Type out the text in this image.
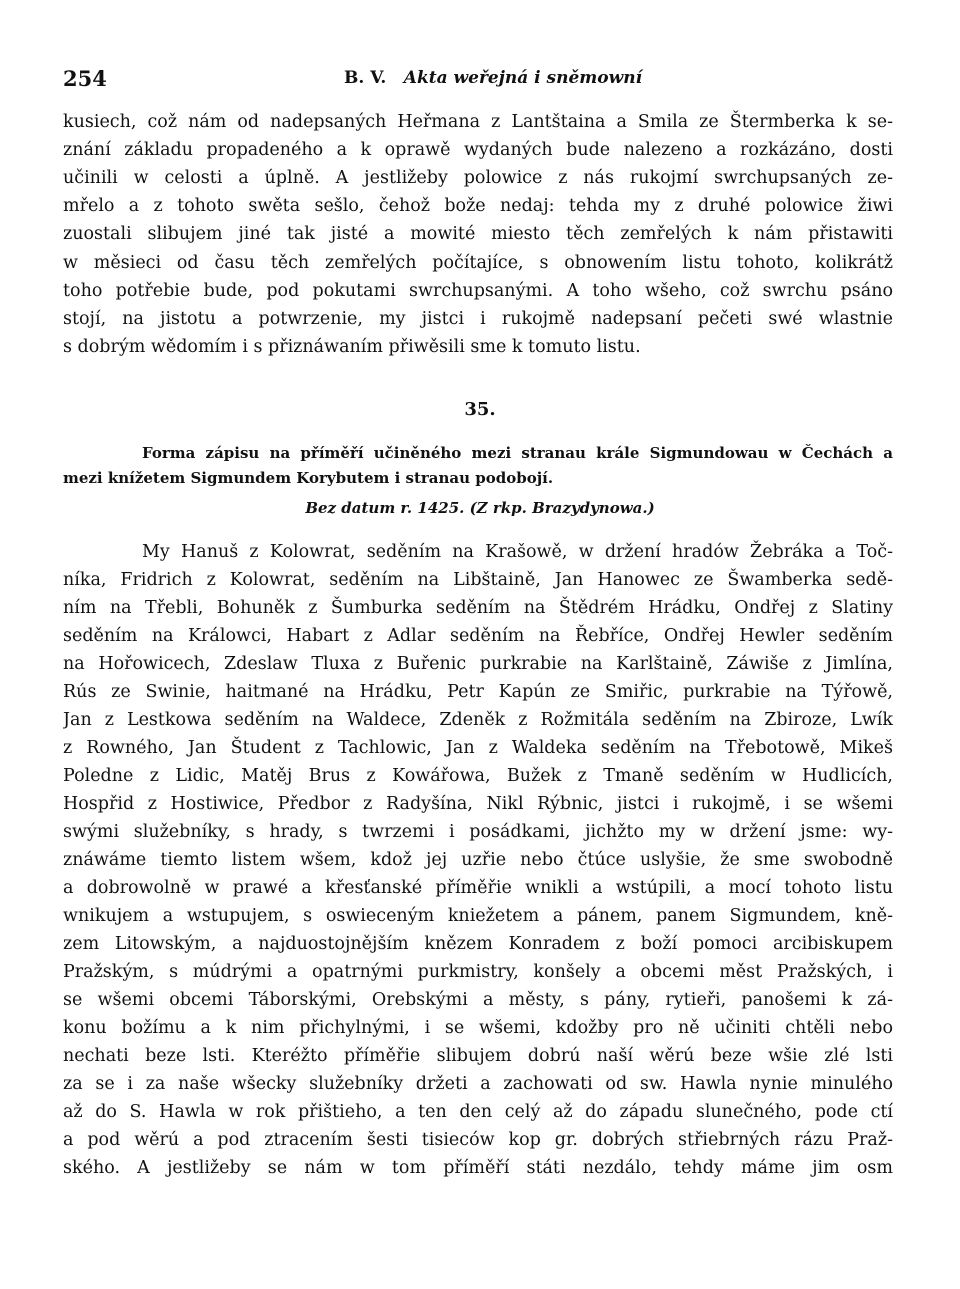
254	B. V. Akta weřejná i sněmowní
kusiech, což nám od nadepsaných Heřmana z Lantštaina a Smila ze Štermberka k se-
znání základu propadeného a k oprawě wydaných bude nalezeno a rozkázáno, dosti
učinili w celosti a úplně. A jestližeby polowice z nás rukojmí swrchupsaných ze-
mřelo a z tohoto swěta sešlo, čehož bože nedaj: tehda my z druhé polowice žiwi
zuostali slibujem jiné tak jisté a mowité miesto těch zemřelých k nám přistawiti
w měsieci od času těch zemřelých počítajíce, s obnowením listu tohoto, kolikrátž
toho potřebie bude, pod pokutami swrchupsanými. A toho wšeho, což swrchu psáno
stojí, na jistotu a potwrzenie, my jistci i rukojmě nadepsaní pečeti swé wlastnie
s dobrým wědomím i s přiznáwaním přiwěsili sme k tomuto listu.
35.
Forma zápisu na příměří učiněného mezi stranau krále Sigmundowau w Čechách a
mezi knížetem Sigmundem Korybutem i stranau podobojí.
Bez datum r. 1425. (Z rkp. Brazydynowa.)
My Hanuš z Kolowrat, seděním na Krašowě, w držení hradów Žebráka a Toč-
níka, Fridrich z Kolowrat, seděním na Libštaině, Jan Hanowec ze Šwamberka sedě-
ním na Třebli, Bohuněk z Šumburka seděním na Štědrém Hrádku, Ondřej z Slatiny
seděním na Králowci, Habart z Adlar seděním na Řebříce, Ondřej Hewler seděním
na Hořowicech, Zdeslaw Tluxa z Buřenic purkrabie na Karlštaině, Záwiše z Jimlína,
Rús ze Swinie, haitmané na Hrádku, Petr Kapún ze Smiřic, purkrabie na Týřowě,
Jan z Lestkowa seděním na Waldece, Zdeněk z Rožmitála seděním na Zbiroze, Lwík
z Rowného, Jan Študent z Tachlowic, Jan z Waldeka seděním na Třebotowě, Mikeš
Poledne z Lidic, Matěj Brus z Kowářowa, Bužek z Tmaně seděním w Hudlicích,
Hospřid z Hostiwice, Předbor z Radyšína, Nikl Rýbnic, jistci i rukojmě, i se wšemi
swými služebníky, s hrady, s twrzemi i posádkami, jichžto my w držení jsme: wy-
znáwáme tiemto listem wšem, kdož jej uzřie nebo čtúce uslyšie, že sme swobodně
a dobrowolně w prawé a křesťanské příměřie wnikli a wstúpili, a mocí tohoto listu
wnikujem a wstupujem, s oswieceným kniežetem a pánem, panem Sigmundem, kně-
zem Litowským, a najduostojnějším knězem Konradem z boží pomoci arcibiskupem
Pražským, s múdrými a opatrnými purkmistry, konšely a obcemi měst Pražských, i
se wšemi obcemi Táborskými, Orebskými a městy, s pány, rytieři, panošemi k zá-
konu božímu a k nim přichylnými, i se wšemi, kdožby pro ně učiniti chtěli nebo
nechati beze lsti. Kteréžto příměřie slibujem dobrú naší wěrú beze wšie zlé lsti
za se i za naše wšecky služebníky držeti a zachowati od sw. Hawla nynie minulého
až do S. Hawla w rok přištieho, a ten den celý až do západu slunečného, pode ctí
a pod wěrú a pod ztracením šesti tisieców kop gr. dobrých střiebrných rázu Praž-
ského. A jestližeby se nám w tom příměří státi nezdálo, tehdy máme jim osm
